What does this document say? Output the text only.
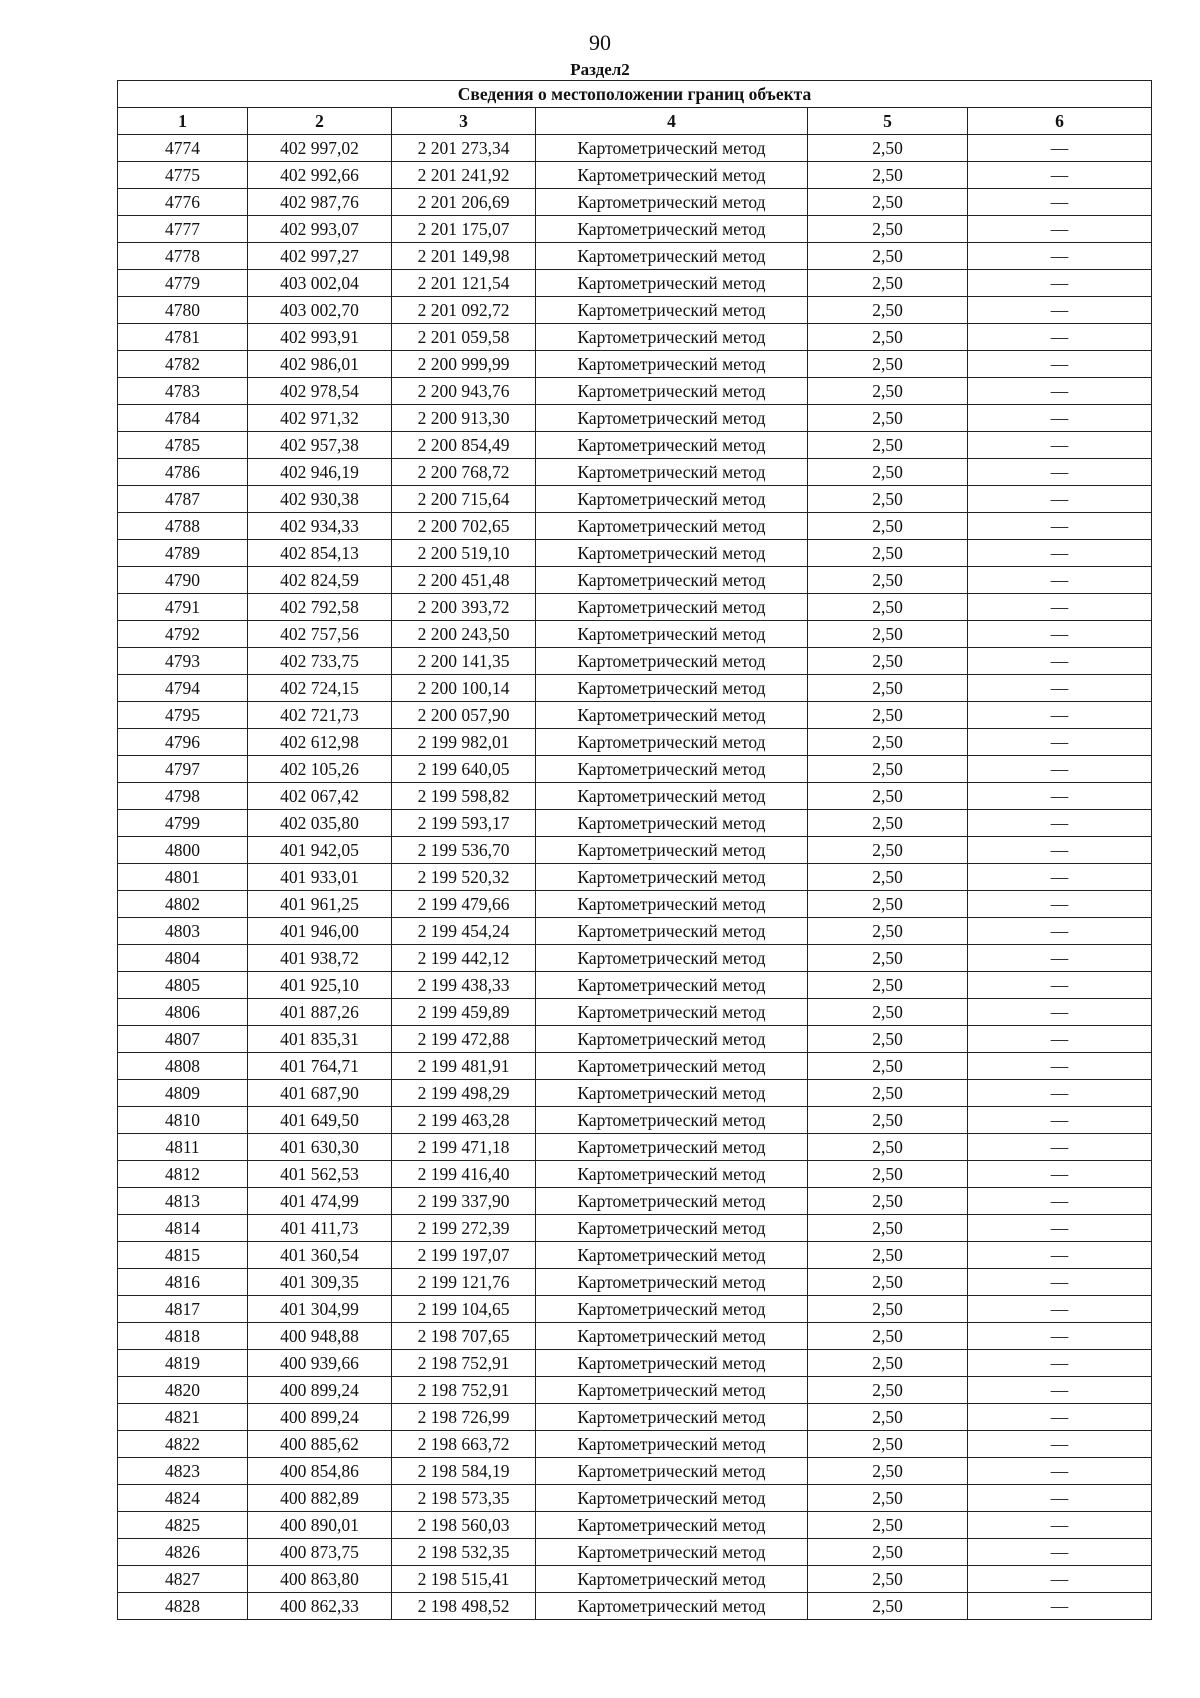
90
Раздел2
Сведения о местоположении границ объекта					
1	2	3	4	5	6
4774	402 997,02	2 201 273,34	Картометрический метод	2,50	—
4775	402 992,66	2 201 241,92	Картометрический метод	2,50	—
4776	402 987,76	2 201 206,69	Картометрический метод	2,50	—
4777	402 993,07	2 201 175,07	Картометрический метод	2,50	—
4778	402 997,27	2 201 149,98	Картометрический метод	2,50	—
4779	403 002,04	2 201 121,54	Картометрический метод	2,50	—
4780	403 002,70	2 201 092,72	Картометрический метод	2,50	—
4781	402 993,91	2 201 059,58	Картометрический метод	2,50	—
4782	402 986,01	2 200 999,99	Картометрический метод	2,50	—
4783	402 978,54	2 200 943,76	Картометрический метод	2,50	—
4784	402 971,32	2 200 913,30	Картометрический метод	2,50	—
4785	402 957,38	2 200 854,49	Картометрический метод	2,50	—
4786	402 946,19	2 200 768,72	Картометрический метод	2,50	—
4787	402 930,38	2 200 715,64	Картометрический метод	2,50	—
4788	402 934,33	2 200 702,65	Картометрический метод	2,50	—
4789	402 854,13	2 200 519,10	Картометрический метод	2,50	—
4790	402 824,59	2 200 451,48	Картометрический метод	2,50	—
4791	402 792,58	2 200 393,72	Картометрический метод	2,50	—
4792	402 757,56	2 200 243,50	Картометрический метод	2,50	—
4793	402 733,75	2 200 141,35	Картометрический метод	2,50	—
4794	402 724,15	2 200 100,14	Картометрический метод	2,50	—
4795	402 721,73	2 200 057,90	Картометрический метод	2,50	—
4796	402 612,98	2 199 982,01	Картометрический метод	2,50	—
4797	402 105,26	2 199 640,05	Картометрический метод	2,50	—
4798	402 067,42	2 199 598,82	Картометрический метод	2,50	—
4799	402 035,80	2 199 593,17	Картометрический метод	2,50	—
4800	401 942,05	2 199 536,70	Картометрический метод	2,50	—
4801	401 933,01	2 199 520,32	Картометрический метод	2,50	—
4802	401 961,25	2 199 479,66	Картометрический метод	2,50	—
4803	401 946,00	2 199 454,24	Картометрический метод	2,50	—
4804	401 938,72	2 199 442,12	Картометрический метод	2,50	—
4805	401 925,10	2 199 438,33	Картометрический метод	2,50	—
4806	401 887,26	2 199 459,89	Картометрический метод	2,50	—
4807	401 835,31	2 199 472,88	Картометрический метод	2,50	—
4808	401 764,71	2 199 481,91	Картометрический метод	2,50	—
4809	401 687,90	2 199 498,29	Картометрический метод	2,50	—
4810	401 649,50	2 199 463,28	Картометрический метод	2,50	—
4811	401 630,30	2 199 471,18	Картометрический метод	2,50	—
4812	401 562,53	2 199 416,40	Картометрический метод	2,50	—
4813	401 474,99	2 199 337,90	Картометрический метод	2,50	—
4814	401 411,73	2 199 272,39	Картометрический метод	2,50	—
4815	401 360,54	2 199 197,07	Картометрический метод	2,50	—
4816	401 309,35	2 199 121,76	Картометрический метод	2,50	—
4817	401 304,99	2 199 104,65	Картометрический метод	2,50	—
4818	400 948,88	2 198 707,65	Картометрический метод	2,50	—
4819	400 939,66	2 198 752,91	Картометрический метод	2,50	—
4820	400 899,24	2 198 752,91	Картометрический метод	2,50	—
4821	400 899,24	2 198 726,99	Картометрический метод	2,50	—
4822	400 885,62	2 198 663,72	Картометрический метод	2,50	—
4823	400 854,86	2 198 584,19	Картометрический метод	2,50	—
4824	400 882,89	2 198 573,35	Картометрический метод	2,50	—
4825	400 890,01	2 198 560,03	Картометрический метод	2,50	—
4826	400 873,75	2 198 532,35	Картометрический метод	2,50	—
4827	400 863,80	2 198 515,41	Картометрический метод	2,50	—
4828	400 862,33	2 198 498,52	Картометрический метод	2,50	—
